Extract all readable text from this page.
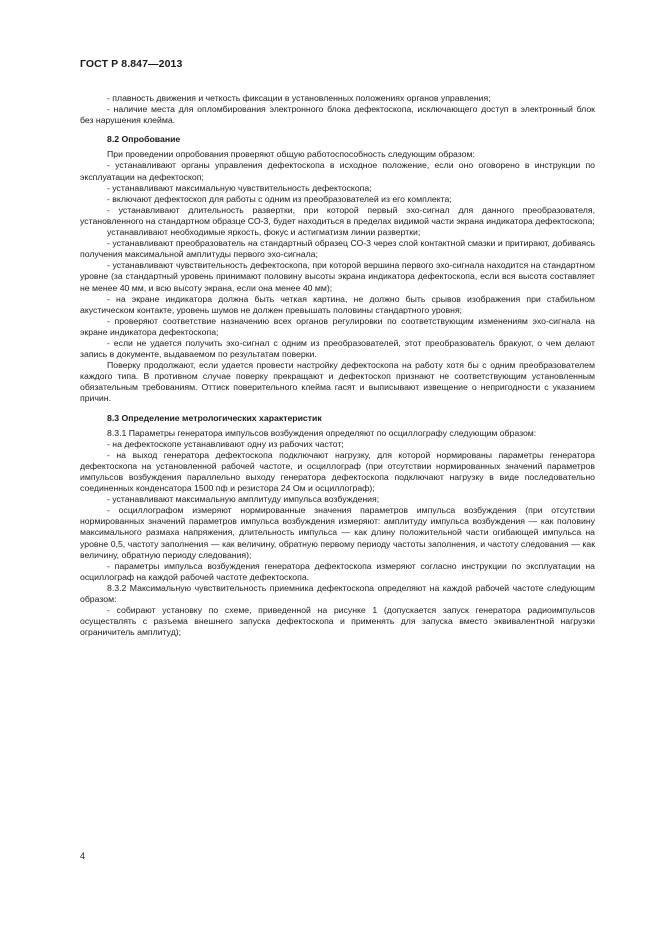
ГОСТ Р 8.847—2013

- плавность движения и четкость фиксации в установленных положениях органов управления;

- наличие места для опломбирования электронного блока дефектоскопа, исключающего доступ в электронный блок без нарушения клейма.

8.2 Опробование

При проведении опробования проверяют общую работоспособность следующим образом:

- устанавливают органы управления дефектоскопа в исходное положение, если оно оговорено в инструкции по эксплуатации на дефектоскоп;

- устанавливают максимальную чувствительность дефектоскопа;

- включают дефектоскоп для работы с одним из преобразователей из его комплекта;

- устанавливают длительность развертки, при которой первый эхо-сигнал для данного преобразователя, установленного на стандартном образце СО-3, будет находиться в пределах видимой части экрана индикатора дефектоскопа;

устанавливают необходимые яркость, фокус и астигматизм линии развертки;

- устанавливают преобразователь на стандартный образец СО-3 через слой контактной смазки и притирают, добиваясь получения максимальной амплитуды первого эхо-сигнала;

- устанавливают чувствительность дефектоскопа, при которой вершина первого эхо-сигнала находится на стандартном уровне (за стандартный уровень принимают половину высоты экрана индикатора дефектоскопа, если вся высота составляет не менее 40 мм, и всю высоту экрана, если она менее 40 мм);

- на экране индикатора должна быть четкая картина, не должно быть срывов изображения при стабильном акустическом контакте, уровень шумов не должен превышать половины стандартного уровня;

- проверяют соответствие назначению всех органов регулировки по соответствующим изменениям эхо-сигнала на экране индикатора дефектоскопа;

- если не удается получить эхо-сигнал с одним из преобразователей, этот преобразователь бракуют, о чем делают запись в документе, выдаваемом по результатам поверки.

Поверку продолжают, если удается провести настройку дефектоскопа на работу хотя бы с одним преобразователем каждого типа. В противном случае поверку прекращают и дефектоскоп признают не соответствующим установленным обязательным требованиям. Оттиск поверительного клейма гасят и выписывают извещение о непригодности с указанием причин.

8.3 Определение метрологических характеристик

8.3.1 Параметры генератора импульсов возбуждения определяют по осциллографу следующим образом:

- на дефектоскопе устанавливают одну из рабочих частот;

- на выход генератора дефектоскопа подключают нагрузку, для которой нормированы параметры генератора дефектоскопа на установленной рабочей частоте, и осциллограф (при отсутствии нормированных значений параметров импульсов возбуждения параллельно выходу генератора дефектоскопа подключают нагрузку в виде последовательно соединенных конденсатора 1500 пф и резистора 24 Ом и осциллограф);

- устанавливают максимальную амплитуду импульса возбуждения;

- осциллографом измеряют нормированные значения параметров импульса возбуждения (при отсутствии нормированных значений параметров импульса возбуждения измеряют: амплитуду импульса возбуждения — как половину максимального размаха напряжения, длительность импульса — как длину положительной части огибающей импульса на уровне 0,5, частоту заполнения — как величину, обратную первому периоду частоты заполнения, и частоту следования — как величину, обратную периоду следования);

- параметры импульса возбуждения генератора дефектоскопа измеряют согласно инструкции по эксплуатации на осциллограф на каждой рабочей частоте дефектоскопа.

8.3.2 Максимальную чувствительность приемника дефектоскопа определяют на каждой рабочей частоте следующим образом:

- собирают установку по схеме, приведенной на рисунке 1 (допускается запуск генератора радиоимпульсов осуществлять с разъема внешнего запуска дефектоскопа и применять для запуска вместо эквивалентной нагрузки ограничитель амплитуд);

4
